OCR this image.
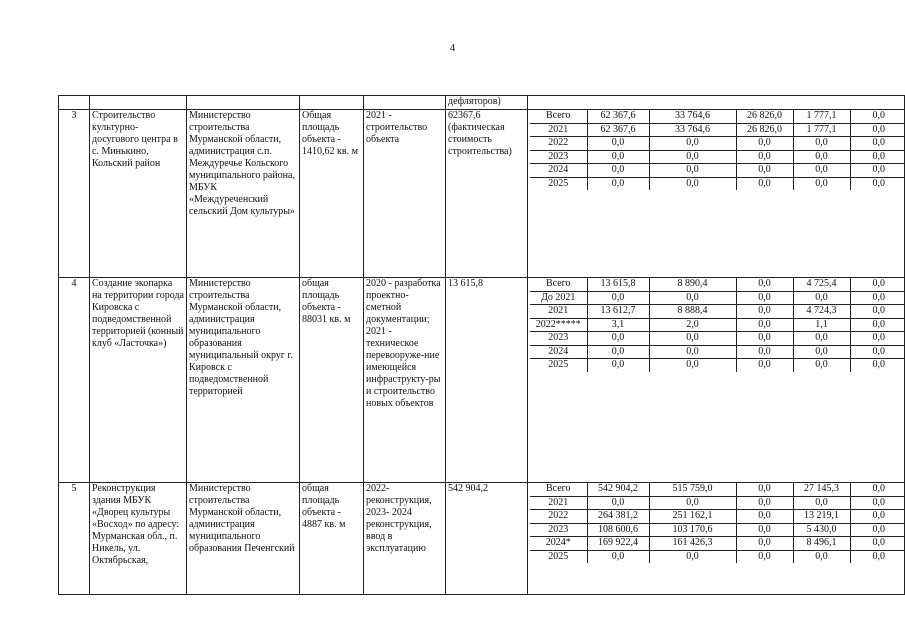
4
					дефляторов)	
3	Строительство культурно-досугового центра в с. Минькино, Кольский район	Министерство строительства Мурманской области, администрация с.п. Междуречье Кольского муниципального района, МБУК «Междуреченский сельский Дом культуры»	Общая площадь объекта - 1410,62 кв. м	2021 - строительство объекта	62367,6 (фактическая стоимость строительства)	
Всего	62 367,6	33 764,6	26 826,0	1 777,1	0,0
2021	62 367,6	33 764,6	26 826,0	1 777,1	0,0
2022	0,0	0,0	0,0	0,0	0,0
2023	0,0	0,0	0,0	0,0	0,0
2024	0,0	0,0	0,0	0,0	0,0
2025	0,0	0,0	0,0	0,0	0,0

4	Создание экопарка на территории города Кировска с подведомственной территорией (конный клуб «Ласточка»)	Министерство строительства Мурманской области, администрация муниципального образования муниципальный округ г. Кировск с подведомственной территорией	общая площадь объекта - 88031 кв. м	2020 - разработка проектно-сметной документации;
2021 - техническое перевооруже-ние имеющейся инфраструкту-ры и строительство новых объектов	13 615,8		Всего	13 615,8	8 890,4	0,0	4 725,4	0,0
До 2021	0,0	0,0	0,0	0,0	0,0
2021	13 612,7	8 888,4	0,0	4 724,3	0,0
2022*****	3,1	2,0	0,0	1,1	0,0
2023	0,0	0,0	0,0	0,0	0,0
2024	0,0	0,0	0,0	0,0	0,0
2025	0,0	0,0	0,0	0,0	0,0

5	Реконструкция здания МБУК «Дворец культуры «Восход» по адресу: Мурманская обл., п. Никель, ул. Октябрьская,	Министерство строительства Мурманской области, администрация муниципального образования Печенгский	общая площадь объекта - 4887 кв. м	2022- реконструкция, 2023- 2024 реконструкция, ввод в эксплуатацию	542 904,2		Всего	542 904,2	515 759,0	0,0	27 145,3	0,0
2021	0,0	0,0	0,0	0,0	0,0
2022	264 381,2	251 162,1	0,0	13 219,1	0,0
2023	108 600,6	103 170,6	0,0	5 430,0	0,0
2024*	169 922,4	161 426,3	0,0	8 496,1	0,0
2025	0,0	0,0	0,0	0,0	0,0
